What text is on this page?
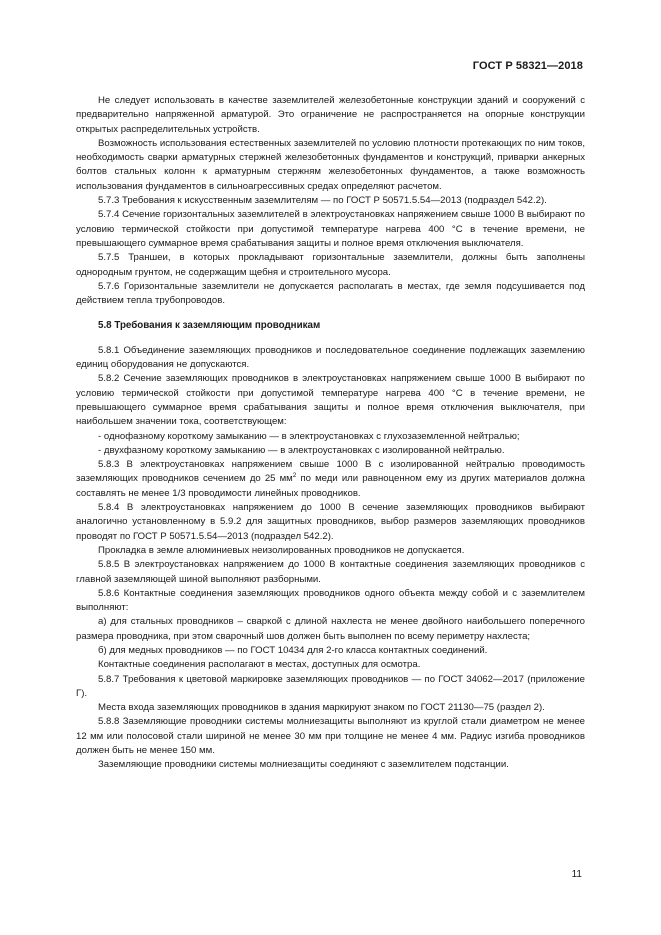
ГОСТ Р 58321—2018

Не следует использовать в качестве заземлителей железобетонные конструкции зданий и сооружений с предварительно напряженной арматурой. Это ограничение не распространяется на опорные конструкции открытых распределительных устройств.

Возможность использования естественных заземлителей по условию плотности протекающих по ним токов, необходимость сварки арматурных стержней железобетонных фундаментов и конструкций, приварки анкерных болтов стальных колонн к арматурным стержням железобетонных фундаментов, а также возможность использования фундаментов в сильноагрессивных средах определяют расчетом.

5.7.3 Требования к искусственным заземлителям — по ГОСТ Р 50571.5.54—2013 (подраздел 542.2).

5.7.4 Сечение горизонтальных заземлителей в электроустановках напряжением свыше 1000 В выбирают по условию термической стойкости при допустимой температуре нагрева 400 °С в течение времени, не превышающего суммарное время срабатывания защиты и полное время отключения выключателя.

5.7.5 Траншеи, в которых прокладывают горизонтальные заземлители, должны быть заполнены однородным грунтом, не содержащим щебня и строительного мусора.

5.7.6 Горизонтальные заземлители не допускается располагать в местах, где земля подсушивается под действием тепла трубопроводов.

5.8 Требования к заземляющим проводникам

5.8.1 Объединение заземляющих проводников и последовательное соединение подлежащих заземлению единиц оборудования не допускаются.

5.8.2 Сечение заземляющих проводников в электроустановках напряжением свыше 1000 В выбирают по условию термической стойкости при допустимой температуре нагрева 400 °С в течение времени, не превышающего суммарное время срабатывания защиты и полное время отключения выключателя, при наибольшем значении тока, соответствующем:

- однофазному короткому замыканию — в электроустановках с глухозаземленной нейтралью;

- двухфазному короткому замыканию — в электроустановках с изолированной нейтралью.

5.8.3 В электроустановках напряжением свыше 1000 В с изолированной нейтралью проводимость заземляющих проводников сечением до 25 $мм^2$ по меди или равноценном ему из других материалов должна составлять не менее 1/3 проводимости линейных проводников.

5.8.4 В электроустановках напряжением до 1000 В сечение заземляющих проводников выбирают аналогично установленному в 5.9.2 для защитных проводников, выбор размеров заземляющих проводников проводят по ГОСТ Р 50571.5.54—2013 (подраздел 542.2).

Прокладка в земле алюминиевых неизолированных проводников не допускается.

5.8.5 В электроустановках напряжением до 1000 В контактные соединения заземляющих проводников с главной заземляющей шиной выполняют разборными.

5.8.6 Контактные соединения заземляющих проводников одного объекта между собой и с заземлителем выполняют:

а) для стальных проводников – сваркой с длиной нахлеста не менее двойного наибольшего поперечного размера проводника, при этом сварочный шов должен быть выполнен по всему периметру нахлеста;

б) для медных проводников — по ГОСТ 10434 для 2-го класса контактных соединений.

Контактные соединения располагают в местах, доступных для осмотра.

5.8.7 Требования к цветовой маркировке заземляющих проводников — по ГОСТ 34062—2017 (приложение Г).

Места входа заземляющих проводников в здания маркируют знаком по ГОСТ 21130—75 (раздел 2).

5.8.8 Заземляющие проводники системы молниезащиты выполняют из круглой стали диаметром не менее 12 мм или полосовой стали шириной не менее 30 мм при толщине не менее 4 мм. Радиус изгиба проводников должен быть не менее 150 мм.

Заземляющие проводники системы молниезащиты соединяют с заземлителем подстанции.

11
